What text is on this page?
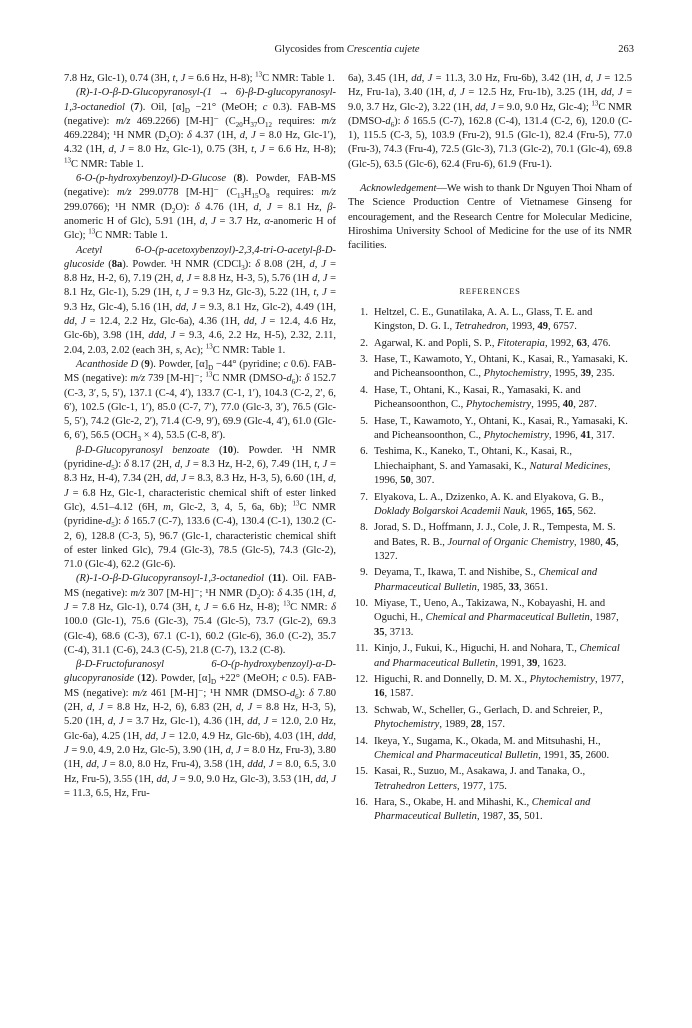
Glycosides from Crescentia cujete	263

7.8 Hz, Glc-1), 0.74 (3H, t, J = 6.6 Hz, H-8); $^{13}$C NMR: Table 1.

(R)-1-O-β-D-Glucopyranosyl-(1 → 6)-β-D-glucopyranosyl-1,3-octanediol (7). Oil, $[\alpha]_D -21^\circ$ (MeOH; c 0.3). FAB-MS (negative): m/z 469.2266) [M-H]⁻ ($C_{20}H_{37}O_{12}$ requires: m/z 469.2284); ¹H NMR $(D_2O)$: δ 4.37 (1H, d, J = 8.0 Hz, Glc-1′), 4.32 (1H, d, J = 8.0 Hz, Glc-1), 0.75 (3H, t, J = 6.6 Hz, H-8); $^{13}$C NMR: Table 1.

6-O-(p-hydroxybenzoyl)-D-Glucose (8). Powder, FAB-MS (negative): m/z 299.0778 [M-H]⁻ ($C_{13}H_{15}O_8$ requires: m/z 299.0766); ¹H NMR $(D_2O)$: δ 4.76 (1H, d, J = 8.1 Hz, β-anomeric H of Glc), 5.91 (1H, d, J = 3.7 Hz, α-anomeric H of Glc); $^{13}$C NMR: Table 1.

Acetyl 6-O-(p-acetoxybenzoyl)-2,3,4-tri-O-acetyl-β-D-glucoside (8a). Powder. ¹H NMR (CDCl$_3$): δ 8.08 (2H, d, J = 8.8 Hz, H-2, 6), 7.19 (2H, d, J = 8.8 Hz, H-3, 5), 5.76 (1H d, J = 8.1 Hz, Glc-1), 5.29 (1H, t, J = 9.3 Hz, Glc-3), 5.22 (1H, t, J = 9.3 Hz, Glc-4), 5.16 (1H, dd, J = 9.3, 8.1 Hz, Glc-2), 4.49 (1H, dd, J = 12.4, 2.2 Hz, Glc-6a), 4.36 (1H, dd, J = 12.4, 4.6 Hz, Glc-6b), 3.98 (1H, ddd, J = 9.3, 4.6, 2.2 Hz, H-5), 2.32, 2.11, 2.04, 2.03, 2.02 (each 3H, s, Ac); $^{13}$C NMR: Table 1.

Acanthoside D (9). Powder, $[\alpha]_D -44^\circ$ (pyridine; c 0.6). FAB-MS (negative): m/z 739 [M-H]⁻; $^{13}$C NMR $(DMSO-d_6)$: δ 152.7 (C-3, 3′, 5, 5′), 137.1 (C-4, 4′), 133.7 (C-1, 1′), 104.3 (C-2, 2′, 6, 6′), 102.5 (Glc-1, 1′), 85.0 (C-7, 7′), 77.0 (Glc-3, 3′), 76.5 (Glc-5, 5′), 74.2 (Glc-2, 2′), 71.4 (C-9, 9′), 69.9 (Glc-4, 4′), 61.0 (Glc-6, 6′), 56.5 $(OCH_3 \times 4)$, 53.5 (C-8, 8′).

β-D-Glucopyranosyl benzoate (10). Powder. ¹H NMR $(pyridine-d_5)$: δ 8.17 (2H, d, J = 8.3 Hz, H-2, 6), 7.49 (1H, t, J = 8.3 Hz, H-4), 7.34 (2H, dd, J = 8.3, 8.3 Hz, H-3, 5), 6.60 (1H, d, J = 6.8 Hz, Glc-1, characteristic chemical shift of ester linked Glc), 4.51–4.12 (6H, m, Glc-2, 3, 4, 5, 6a, 6b); $^{13}$C NMR $(pyridine-d_5)$: δ 165.7 (C-7), 133.6 (C-4), 130.4 (C-1), 130.2 (C-2, 6), 128.8 (C-3, 5), 96.7 (Glc-1, characteristic chemical shift of ester linked Glc), 79.4 (Glc-3), 78.5 (Glc-5), 74.3 (Glc-2), 71.0 (Glc-4), 62.2 (Glc-6).

(R)-1-O-β-D-Glucopyransoyl-1,3-octanediol (11). Oil. FAB-MS (negative): m/z 307 [M-H]⁻; ¹H NMR $(D_2O)$: δ 4.35 (1H, d, J = 7.8 Hz, Glc-1), 0.74 (3H, t, J = 6.6 Hz, H-8); $^{13}$C NMR: δ 100.0 (Glc-1), 75.6 (Glc-3), 75.4 (Glc-5), 73.7 (Glc-2), 69.3 (Glc-4), 68.6 (C-3), 67.1 (C-1), 60.2 (Glc-6), 36.0 (C-2), 35.7 (C-4), 31.1 (C-6), 24.3 (C-5), 21.8 (C-7), 13.2 (C-8).

β-D-Fructofuranosyl 6-O-(p-hydroxybenzoyl)-α-D-glucopyranoside (12). Powder, $[\alpha]_D +22^\circ$ (MeOH; c 0.5). FAB-MS (negative): m/z 461 [M-H]⁻; ¹H NMR $(DMSO-d_6)$: δ 7.80 (2H, d, J = 8.8 Hz, H-2, 6), 6.83 (2H, d, J = 8.8 Hz, H-3, 5), 5.20 (1H, d, J = 3.7 Hz, Glc-1), 4.36 (1H, dd, J = 12.0, 2.0 Hz, Glc-6a), 4.25 (1H, dd, J = 12.0, 4.9 Hz, Glc-6b), 4.03 (1H, ddd, J = 9.0, 4.9, 2.0 Hz, Glc-5), 3.90 (1H, d, J = 8.0 Hz, Fru-3), 3.80 (1H, dd, J = 8.0, 8.0 Hz, Fru-4), 3.58 (1H, ddd, J = 8.0, 6.5, 3.0 Hz, Fru-5), 3.55 (1H, dd, J = 9.0, 9.0 Hz, Glc-3), 3.53 (1H, dd, J = 11.3, 6.5, Hz, Fru-

6a), 3.45 (1H, dd, J = 11.3, 3.0 Hz, Fru-6b), 3.42 (1H, d, J = 12.5 Hz, Fru-1a), 3.40 (1H, d, J = 12.5 Hz, Fru-1b), 3.25 (1H, dd, J = 9.0, 3.7 Hz, Glc-2), 3.22 (1H, dd, J = 9.0, 9.0 Hz, Glc-4); $^{13}$C NMR $(DMSO-d_6)$: δ 165.5 (C-7), 162.8 (C-4), 131.4 (C-2, 6), 120.0 (C-1), 115.5 (C-3, 5), 103.9 (Fru-2), 91.5 (Glc-1), 82.4 (Fru-5), 77.0 (Fru-3), 74.3 (Fru-4), 72.5 (Glc-3), 71.3 (Glc-2), 70.1 (Glc-4), 69.8 (Glc-5), 63.5 (Glc-6), 62.4 (Fru-6), 61.9 (Fru-1).

Acknowledgement—We wish to thank Dr Nguyen Thoi Nham of The Science Production Centre of Vietnamese Ginseng for encouragement, and the Research Centre for Molecular Medicine, Hiroshima University School of Medicine for the use of its NMR facilities.

REFERENCES

1. Heltzel, C. E., Gunatilaka, A. A. L., Glass, T. E. and Kingston, D. G. I., Tetrahedron, 1993, 49, 6757.
2. Agarwal, K. and Popli, S. P., Fitoterapia, 1992, 63, 476.
3. Hase, T., Kawamoto, Y., Ohtani, K., Kasai, R., Yamasaki, K. and Picheansoonthon, C., Phytochemistry, 1995, 39, 235.
4. Hase, T., Ohtani, K., Kasai, R., Yamasaki, K. and Picheansoonthon, C., Phytochemistry, 1995, 40, 287.
5. Hase, T., Kawamoto, Y., Ohtani, K., Kasai, R., Yamasaki, K. and Picheansoonthon, C., Phytochemistry, 1996, 41, 317.
6. Teshima, K., Kaneko, T., Ohtani, K., Kasai, R., Lhiechaiphant, S. and Yamasaki, K., Natural Medicines, 1996, 50, 307.
7. Elyakova, L. A., Dzizenko, A. K. and Elyakova, G. B., Doklady Bolgarskoi Academii Nauk, 1965, 165, 562.
8. Jorad, S. D., Hoffmann, J. J., Cole, J. R., Tempesta, M. S. and Bates, R. B., Journal of Organic Chemistry, 1980, 45, 1327.
9. Deyama, T., Ikawa, T. and Nishibe, S., Chemical and Pharmaceutical Bulletin, 1985, 33, 3651.
10. Miyase, T., Ueno, A., Takizawa, N., Kobayashi, H. and Oguchi, H., Chemical and Pharmaceutical Bulletin, 1987, 35, 3713.
11. Kinjo, J., Fukui, K., Higuchi, H. and Nohara, T., Chemical and Pharmaceutical Bulletin, 1991, 39, 1623.
12. Higuchi, R. and Donnelly, D. M. X., Phytochemistry, 1977, 16, 1587.
13. Schwab, W., Scheller, G., Gerlach, D. and Schreier, P., Phytochemistry, 1989, 28, 157.
14. Ikeya, Y., Sugama, K., Okada, M. and Mitsuhashi, H., Chemical and Pharmaceutical Bulletin, 1991, 35, 2600.
15. Kasai, R., Suzuo, M., Asakawa, J. and Tanaka, O., Tetrahedron Letters, 1977, 175.
16. Hara, S., Okabe, H. and Mihashi, K., Chemical and Pharmaceutical Bulletin, 1987, 35, 501.
